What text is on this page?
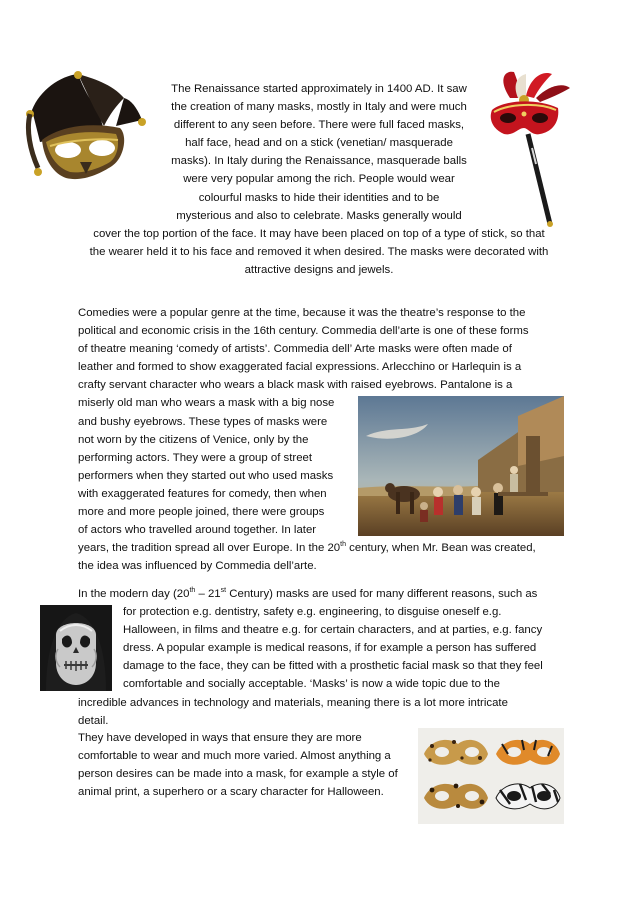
The Renaissance started approximately in 1400 AD. It saw
the creation of many masks, mostly in Italy and were much
different to any seen before. There were full faced masks,
half face, head and on a stick (venetian/ masquerade
masks). In Italy during the Renaissance, masquerade balls
were very popular among the rich. People would wear
colourful masks to hide their identities and to be
mysterious and also to celebrate. Masks generally would
cover the top portion of the face. It may have been placed on top of a type of stick, so that
the wearer held it to his face and removed it when desired. The masks were decorated with
attractive designs and jewels.
Comedies were a popular genre at the time, because it was the theatre’s response to the
political and economic crisis in the 16th century. Commedia dell’arte is one of these forms
of theatre meaning ‘comedy of artists’. Commedia dell’ Arte masks were often made of
leather and formed to show exaggerated facial expressions. Arlecchino or Harlequin is a
crafty servant character who wears a black mask with raised eyebrows. Pantalone is a
miserly old man who wears a mask with a big nose
and bushy eyebrows. These types of masks were
not worn by the citizens of Venice, only by the
performing actors. They were a group of street
performers when they started out who used masks
with exaggerated features for comedy, then when
more and more people joined, there were groups
of actors who travelled around together. In later
years, the tradition spread all over Europe. In the 20th century, when Mr. Bean was created,
the idea was influenced by Commedia dell’arte.
In the modern day (20th – 21st Century) masks are used for many different reasons, such as
for protection e.g. dentistry, safety e.g. engineering, to disguise oneself e.g.
Halloween, in films and theatre e.g. for certain characters, and at parties, e.g. fancy
dress. A popular example is medical reasons, if for example a person has suffered
damage to the face, they can be fitted with a prosthetic facial mask so that they feel
comfortable and socially acceptable. ‘Masks’ is now a wide topic due to the
incredible advances in technology and materials, meaning there is a lot more intricate
detail.
They have developed in ways that ensure they are more
comfortable to wear and much more varied. Almost anything a
person desires can be made into a mask, for example a style of
animal print, a superhero or a scary character for Halloween.
